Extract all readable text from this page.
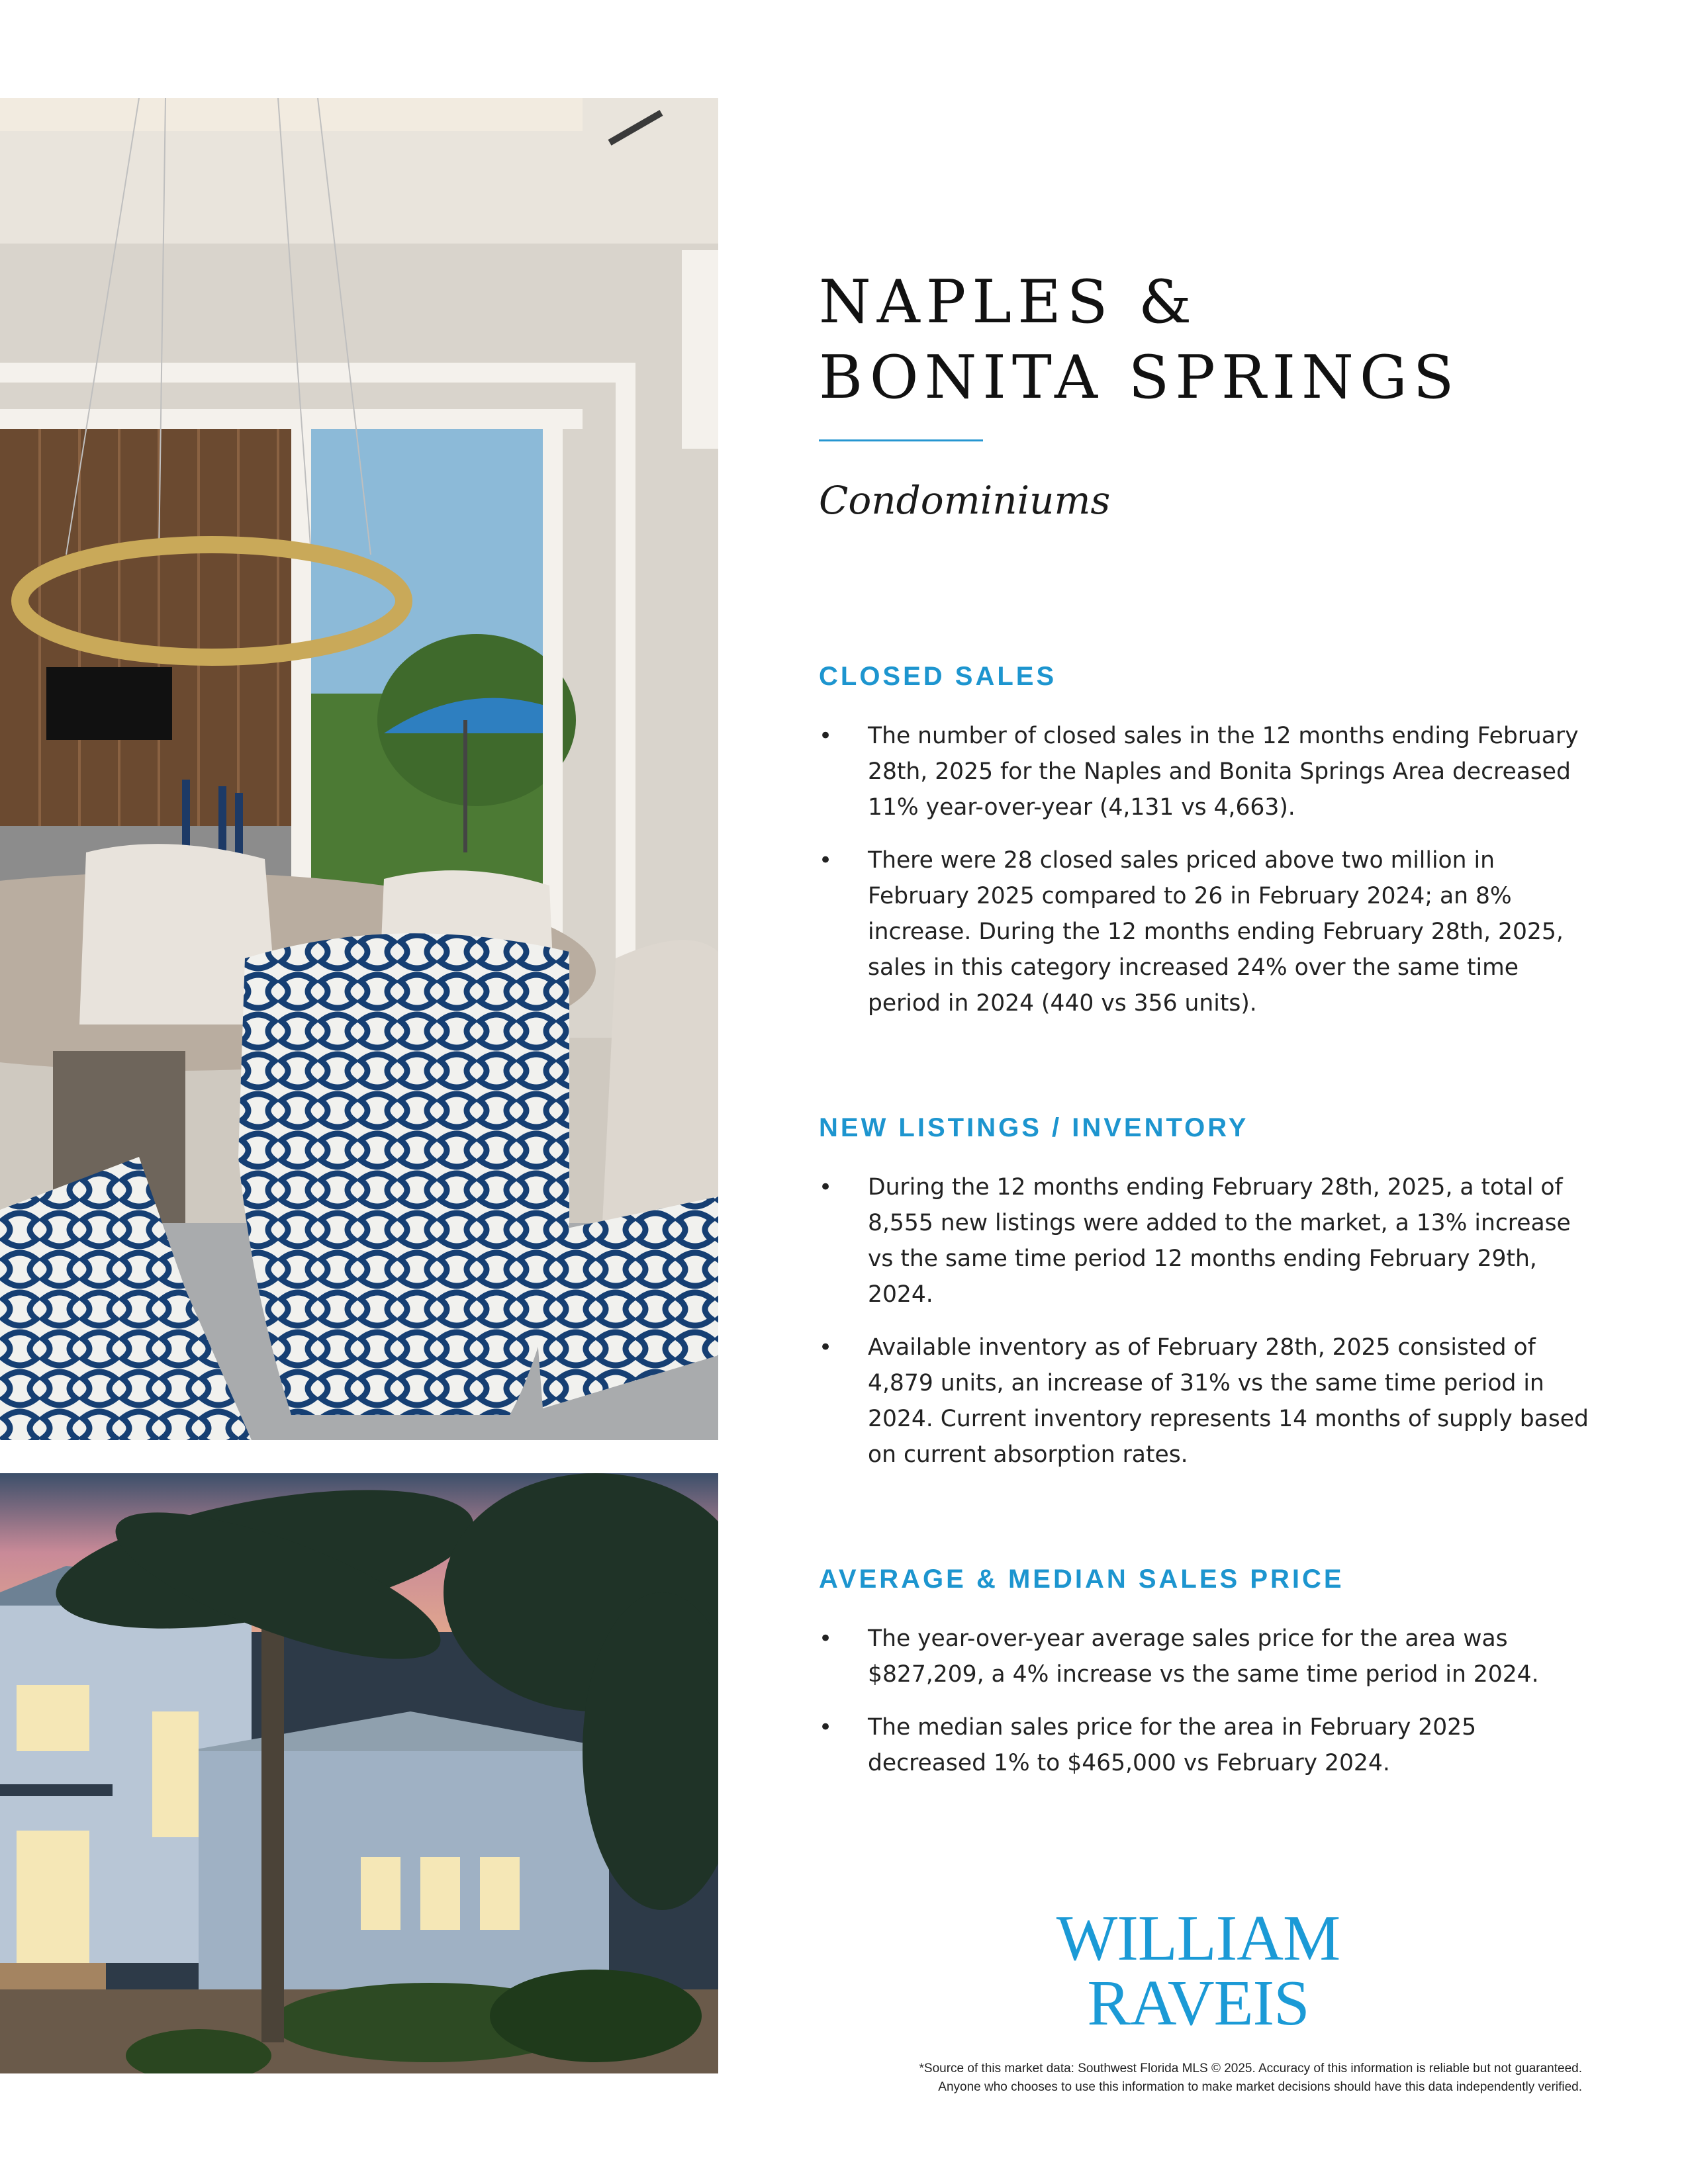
NAPLES &
BONITA SPRINGS
Condominiums
CLOSED SALES
• The number of closed sales in the 12 months ending February 28th, 2025 for the Naples and Bonita Springs Area decreased 11% year-over-year (4,131 vs 4,663).
• There were 28 closed sales priced above two million in February 2025 compared to 26 in February 2024; an 8% increase. During the 12 months ending February 28th, 2025, sales in this category increased 24% over the same time period in 2024 (440 vs 356 units).
NEW LISTINGS / INVENTORY
• During the 12 months ending February 28th, 2025, a total of 8,555 new listings were added to the market, a 13% increase vs the same time period 12 months ending February 29th, 2024.
• Available inventory as of February 28th, 2025 consisted of 4,879 units, an increase of 31% vs the same time period in 2024. Current inventory represents 14 months of supply based on current absorption rates.
AVERAGE & MEDIAN SALES PRICE
• The year-over-year average sales price for the area was $827,209, a 4% increase vs the same time period in 2024.
• The median sales price for the area in February 2025 decreased 1% to $465,000 vs February 2024.
WILLIAM RAVEIS
*Source of this market data: Southwest Florida MLS © 2025. Accuracy of this information is reliable but not guaranteed.
Anyone who chooses to use this information to make market decisions should have this data independently verified.
